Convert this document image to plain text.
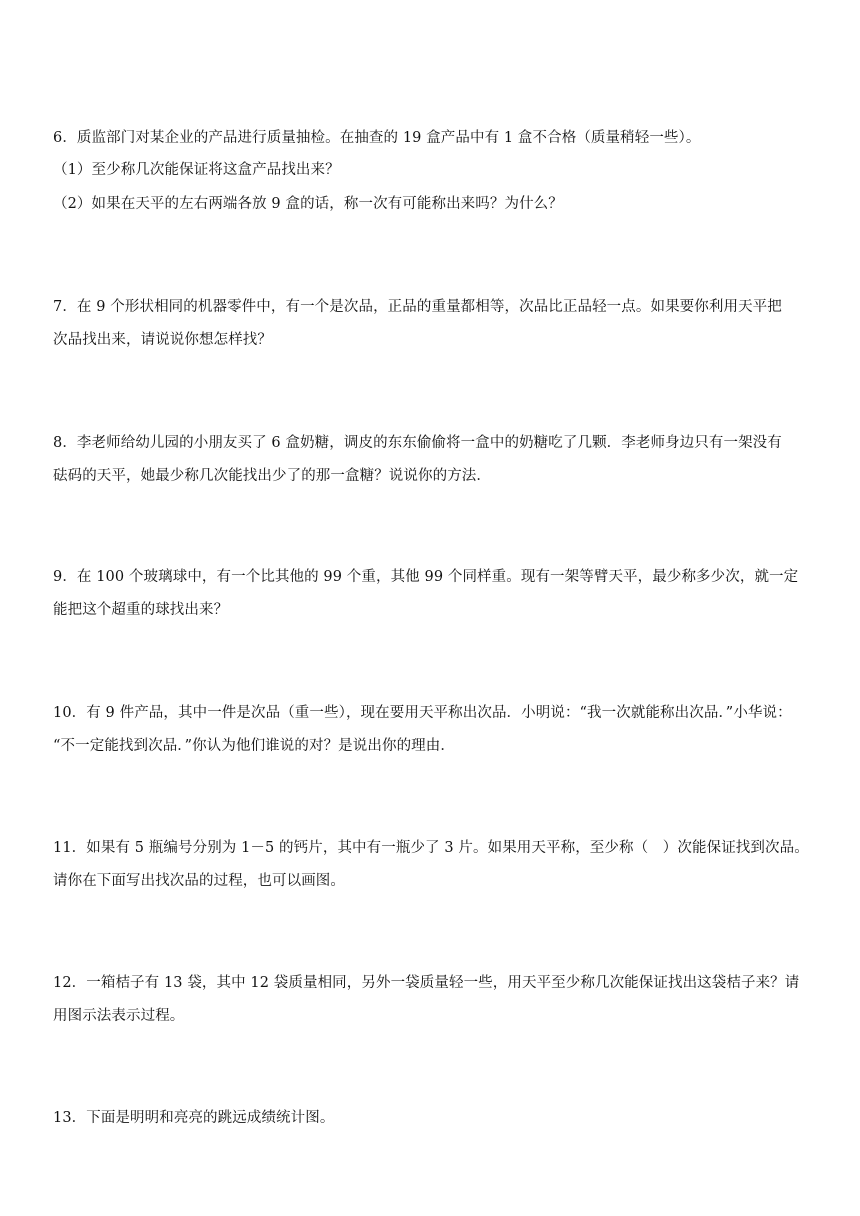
6．质监部门对某企业的产品进行质量抽检。在抽查的 19 盒产品中有 1 盒不合格（质量稍轻一些）。
（1）至少称几次能保证将这盒产品找出来？
（2）如果在天平的左右两端各放 9 盒的话，称一次有可能称出来吗？为什么？
7．在 9 个形状相同的机器零件中，有一个是次品，正品的重量都相等，次品比正品轻一点。如果要你利用天平把
次品找出来，请说说你想怎样找？
8．李老师给幼儿园的小朋友买了 6 盒奶糖，调皮的东东偷偷将一盒中的奶糖吃了几颗．李老师身边只有一架没有
砝码的天平，她最少称几次能找出少了的那一盒糖？说说你的方法．
9．在 100 个玻璃球中，有一个比其他的 99 个重，其他 99 个同样重。现有一架等臂天平，最少称多少次，就一定
能把这个超重的球找出来？
10．有 9 件产品，其中一件是次品（重一些），现在要用天平称出次品．小明说：“我一次就能称出次品．”小华说：
“不一定能找到次品．”你认为他们谁说的对？是说出你的理由．
11．如果有 5 瓶编号分别为 1－5 的钙片，其中有一瓶少了 3 片。如果用天平称，至少称（　）次能保证找到次品。
请你在下面写出找次品的过程，也可以画图。
12．一箱桔子有 13 袋，其中 12 袋质量相同，另外一袋质量轻一些，用天平至少称几次能保证找出这袋桔子来？请
用图示法表示过程。
13．下面是明明和亮亮的跳远成绩统计图。
